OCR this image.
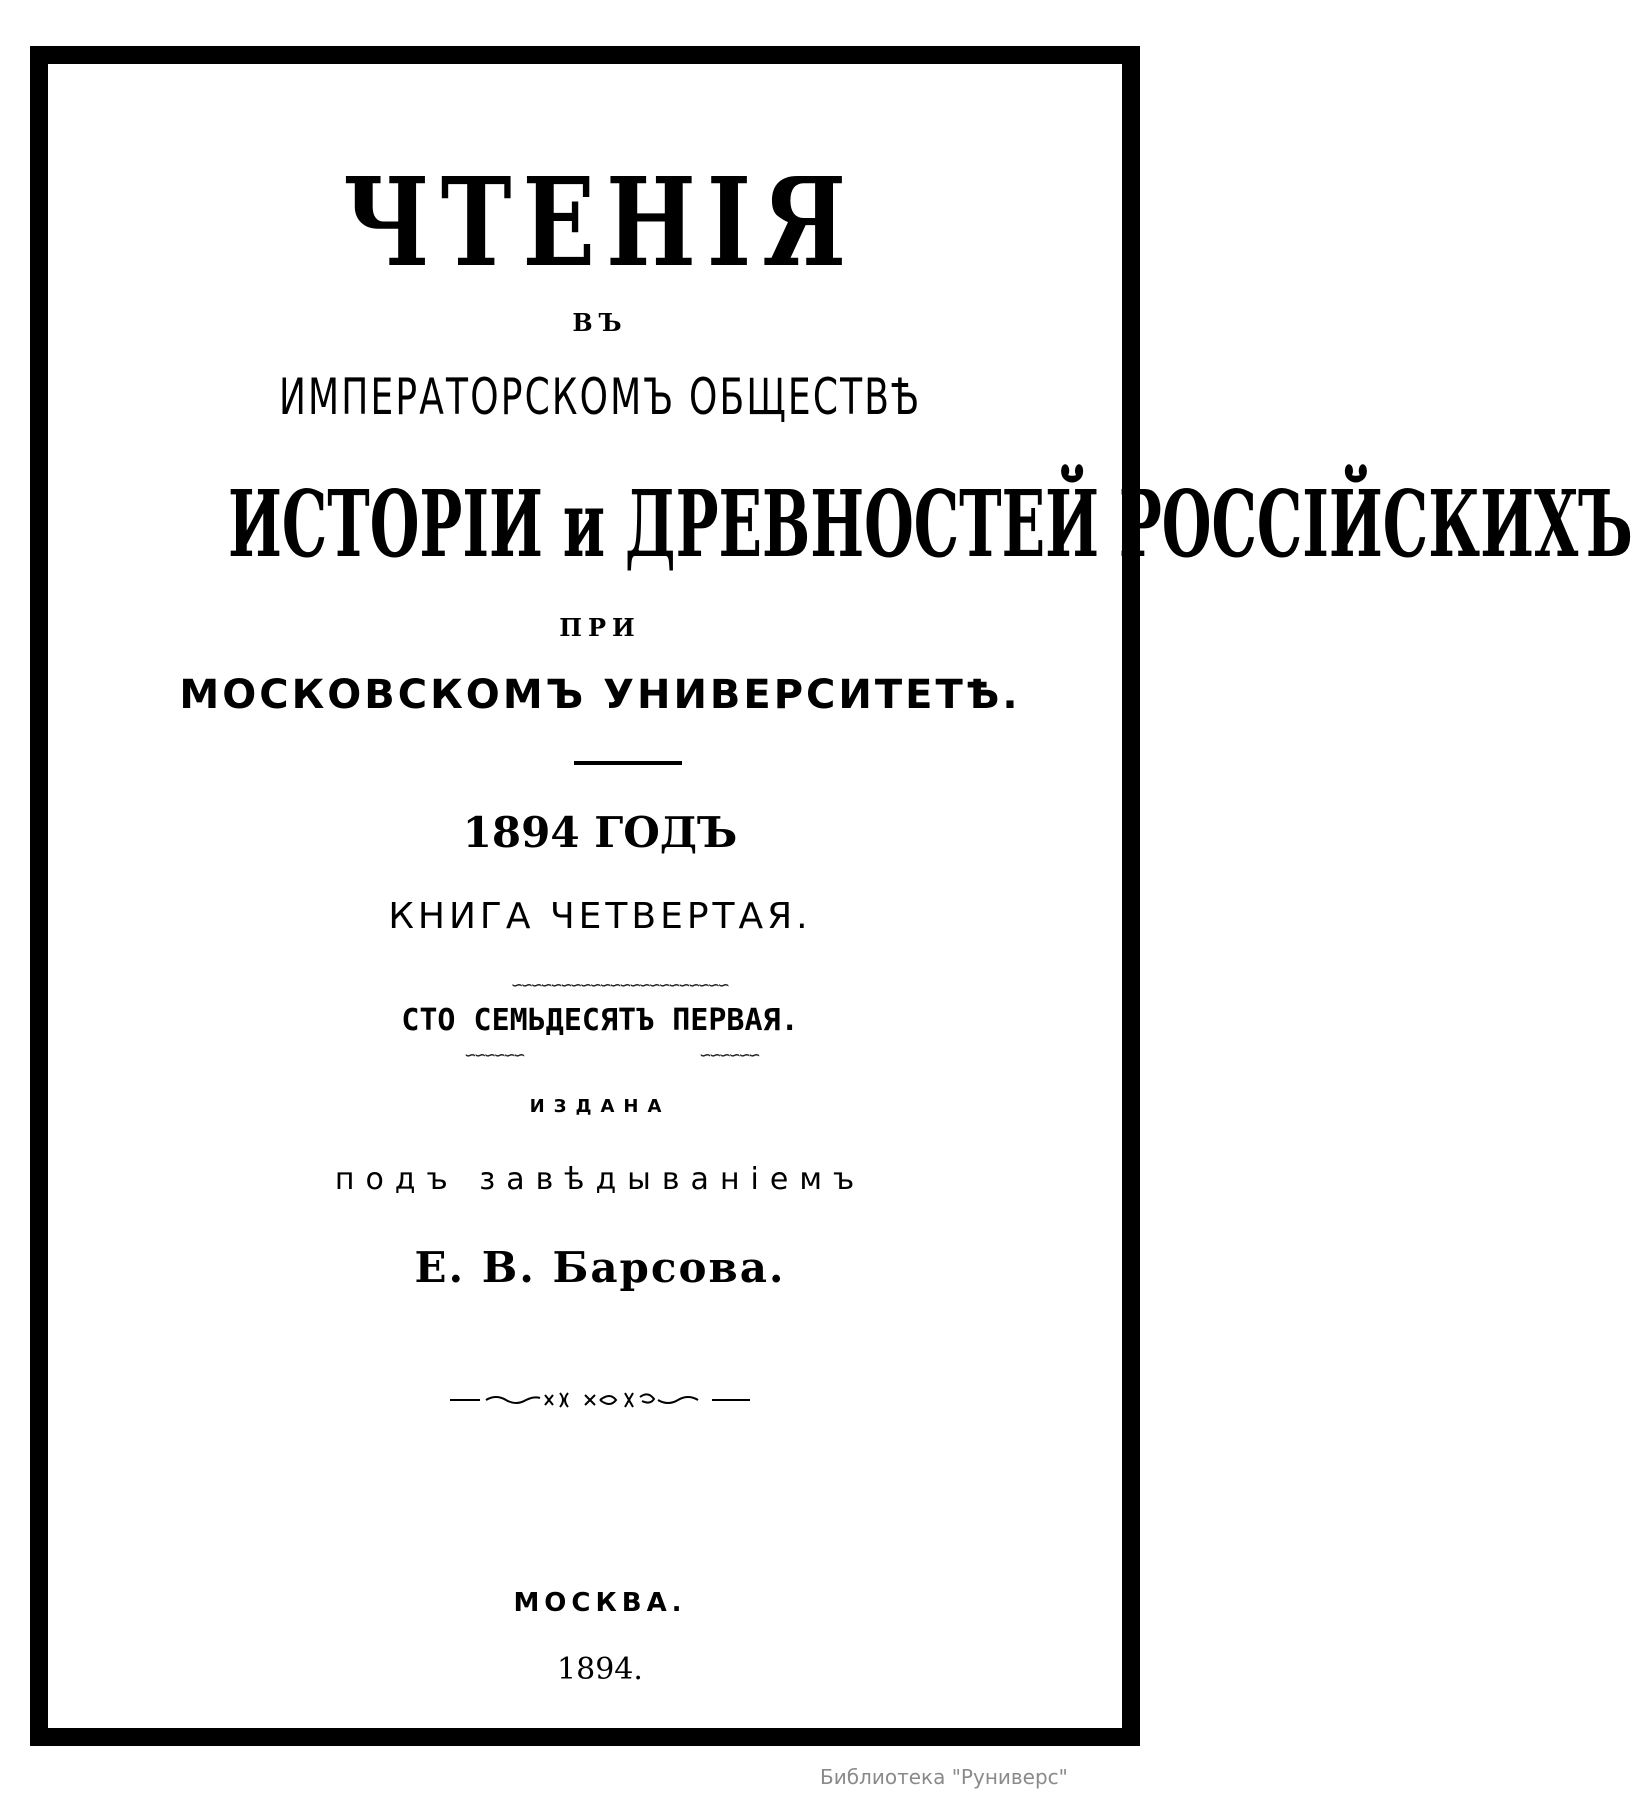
ЧТЕНІЯ
ВЪ
ИМПЕРАТОРСКОМЪ ОБЩЕСТВѢ
ИСТОРІИ и ДРЕВНОСТЕЙ РОССІЙСКИХЪ
ПРИ
МОСКОВСКОМЪ УНИВЕРСИТЕТѢ.
1894 ГОДЪ
КНИГА ЧЕТВЕРТАЯ.
∽∽∽∽∽∽∽∽∽∽∽∽∽∽∽∽∽∽∽∽∽∽
СТО СЕМЬДЕСЯТЪ ПЕРВАЯ.
∽∽∽∽∽∽	∽∽∽∽∽∽
ИЗДАНА
подъ завѣдываніемъ
Е. В. Барсова.
МОСКВА.
1894.
Библиотека "Руниверс"
